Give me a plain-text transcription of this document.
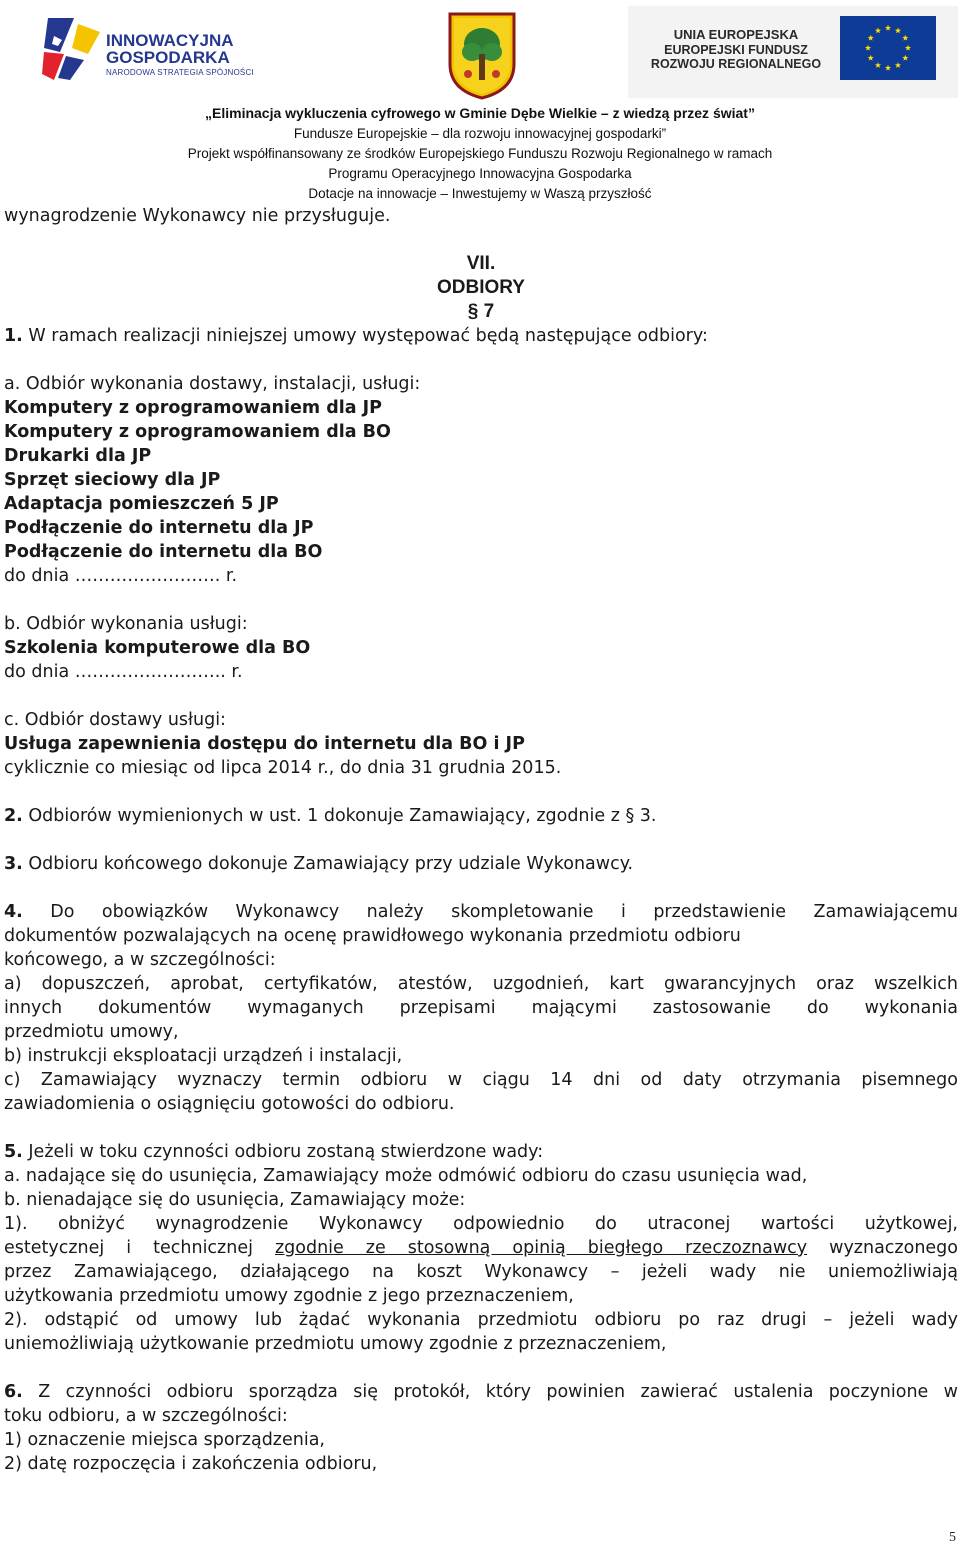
INNOWACYJNA
GOSPODARKA
NARODOWA STRATEGIA SPÓJNOŚCI
UNIA EUROPEJSKA
EUROPEJSKI FUNDUSZ
ROZWOJU REGIONALNEGO
„Eliminacja wykluczenia cyfrowego w Gminie Dębe Wielkie – z wiedzą przez świat”
Fundusze Europejskie – dla rozwoju innowacyjnej gospodarki”
Projekt współfinansowany ze środków Europejskiego Funduszu Rozwoju Regionalnego w ramach
Programu Operacyjnego Innowacyjna Gospodarka
Dotacje na innowacje – Inwestujemy w Waszą przyszłość

wynagrodzenie Wykonawcy nie przysługuje.

VII.

ODBIORY

§ 7

1. W ramach realizacji niniejszej umowy występować będą następujące odbiory:

a. Odbiór wykonania dostawy, instalacji, usługi:

Komputery z oprogramowaniem dla JP

Komputery z oprogramowaniem dla BO

Drukarki dla JP

Sprzęt sieciowy dla JP

Adaptacja pomieszczeń 5 JP

Podłączenie do internetu dla JP

Podłączenie do internetu dla BO

do dnia ……………………. r.

b. Odbiór wykonania usługi:

Szkolenia komputerowe dla BO

do dnia …………………….. r.

c. Odbiór dostawy usługi:

Usługa zapewnienia dostępu do internetu dla BO i JP

cyklicznie co miesiąc od lipca 2014 r., do dnia 31 grudnia 2015.

2. Odbiorów wymienionych w ust. 1 dokonuje Zamawiający, zgodnie z § 3.

3. Odbioru końcowego dokonuje Zamawiający przy udziale Wykonawcy.

4. Do obowiązków Wykonawcy należy skompletowanie i przedstawienie Zamawiającemu

dokumentów pozwalających na ocenę prawidłowego wykonania przedmiotu odbioru

końcowego, a w szczególności:

a) dopuszczeń, aprobat, certyfikatów, atestów, uzgodnień, kart gwarancyjnych oraz wszelkich

innych dokumentów wymaganych przepisami mającymi zastosowanie do wykonania

przedmiotu umowy,

b) instrukcji eksploatacji urządzeń i instalacji,

c) Zamawiający wyznaczy termin odbioru w ciągu 14 dni od daty otrzymania pisemnego

zawiadomienia o osiągnięciu gotowości do odbioru.

5. Jeżeli w toku czynności odbioru zostaną stwierdzone wady:

a. nadające się do usunięcia, Zamawiający może odmówić odbioru do czasu usunięcia wad,

b. nienadające się do usunięcia, Zamawiający może:

1). obniżyć wynagrodzenie Wykonawcy odpowiednio do utraconej wartości użytkowej,

estetycznej i technicznej zgodnie ze stosowną opinią biegłego rzeczoznawcy wyznaczonego

przez Zamawiającego, działającego na koszt Wykonawcy – jeżeli wady nie uniemożliwiają

użytkowania przedmiotu umowy zgodnie z jego przeznaczeniem,

2). odstąpić od umowy lub żądać wykonania przedmiotu odbioru po raz drugi – jeżeli wady

uniemożliwiają użytkowanie przedmiotu umowy zgodnie z przeznaczeniem,

6. Z czynności odbioru sporządza się protokół, który powinien zawierać ustalenia poczynione w

toku odbioru, a w szczególności:

1) oznaczenie miejsca sporządzenia,

2) datę rozpoczęcia i zakończenia odbioru,

5
